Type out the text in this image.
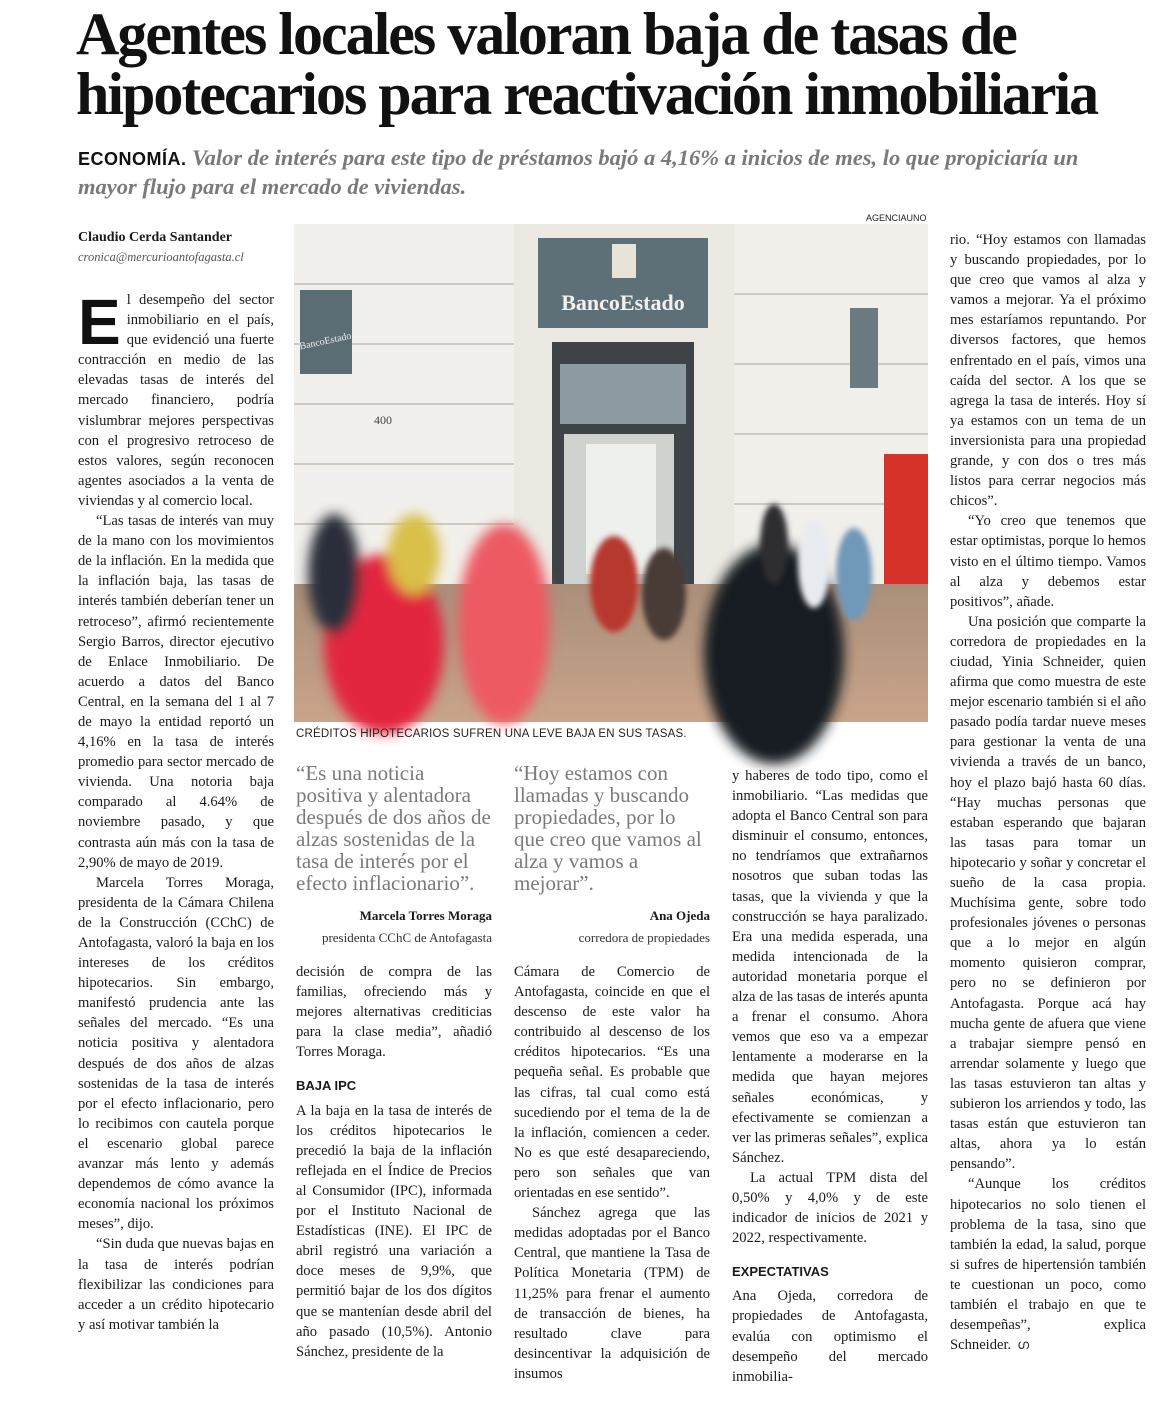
Agentes locales valoran baja de tasas de hipotecarios para reactivación inmobiliaria
ECONOMÍA. Valor de interés para este tipo de préstamos bajó a 4,16% a inicios de mes, lo que propiciaría un mayor flujo para el mercado de viviendas.
Claudio Cerda Santander
cronica@mercurioantofagasta.cl

El desempeño del sector inmobiliario en el país, que evidenció una fuerte contracción en medio de las elevadas tasas de interés del mercado financiero, podría vislumbrar mejores perspectivas con el progresivo retroceso de estos valores, según reconocen agentes asociados a la venta de viviendas y al comercio local.

“Las tasas de interés van muy de la mano con los movimientos de la inflación. En la medida que la inflación baja, las tasas de interés también deberían tener un retroceso”, afirmó recientemente Sergio Barros, director ejecutivo de Enlace Inmobiliario. De acuerdo a datos del Banco Central, en la semana del 1 al 7 de mayo la entidad reportó un 4,16% en la tasa de interés promedio para sector mercado de vivienda. Una notoria baja comparado al 4.64% de noviembre pasado, y que contrasta aún más con la tasa de 2,90% de mayo de 2019.

Marcela Torres Moraga, presidenta de la Cámara Chilena de la Construcción (CChC) de Antofagasta, valoró la baja en los intereses de los créditos hipotecarios. Sin embargo, manifestó prudencia ante las señales del mercado. “Es una noticia positiva y alentadora después de dos años de alzas sostenidas de la tasa de interés por el efecto inflacionario, pero lo recibimos con cautela porque el escenario global parece avanzar más lento y además dependemos de cómo avance la economía nacional los próximos meses”, dijo.

“Sin duda que nuevas bajas en la tasa de interés podrían flexibilizar las condiciones para acceder a un crédito hipotecario y así motivar también la

AGENCIAUNO
BancoEstado
BancoEstado
400
CRÉDITOS HIPOTECARIOS SUFREN UNA LEVE BAJA EN SUS TASAS.
“Es una noticia positiva y alentadora después de dos años de alzas sostenidas de la tasa de interés por el efecto inflacionario”.
Marcela Torres Moraga
presidenta CChC de Antofagasta
“Hoy estamos con llamadas y buscando propiedades, por lo que creo que vamos al alza y vamos a mejorar”.
Ana Ojeda
corredora de propiedades

decisión de compra de las familias, ofreciendo más y mejores alternativas crediticias para la clase media”, añadió Torres Moraga.

BAJA IPC

A la baja en la tasa de interés de los créditos hipotecarios le precedió la baja de la inflación reflejada en el Índice de Precios al Consumidor (IPC), informada por el Instituto Nacional de Estadísticas (INE). El IPC de abril registró una variación a doce meses de 9,9%, que permitió bajar de los dos dígitos que se mantenían desde abril del año pasado (10,5%). Antonio Sánchez, presidente de la

Cámara de Comercio de Antofagasta, coincide en que el descenso de este valor ha contribuido al descenso de los créditos hipotecarios. “Es una pequeña señal. Es probable que las cifras, tal cual como está sucediendo por el tema de la de la inflación, comiencen a ceder. No es que esté desapareciendo, pero son señales que van orientadas en ese sentido”.

Sánchez agrega que las medidas adoptadas por el Banco Central, que mantiene la Tasa de Política Monetaria (TPM) de 11,25% para frenar el aumento de transacción de bienes, ha resultado clave para desincentivar la adquisición de insumos

y haberes de todo tipo, como el inmobiliario. “Las medidas que adopta el Banco Central son para disminuir el consumo, entonces, no tendríamos que extrañarnos nosotros que suban todas las tasas, que la vivienda y que la construcción se haya paralizado. Era una medida esperada, una medida intencionada de la autoridad monetaria porque el alza de las tasas de interés apunta a frenar el consumo. Ahora vemos que eso va a empezar lentamente a moderarse en la medida que hayan mejores señales económicas, y efectivamente se comienzan a ver las primeras señales”, explica Sánchez.

La actual TPM dista del 0,50% y 4,0% y de este indicador de inicios de 2021 y 2022, respectivamente.

EXPECTATIVAS

Ana Ojeda, corredora de propiedades de Antofagasta, evalúa con optimismo el desempeño del mercado inmobilia-

rio. “Hoy estamos con llamadas y buscando propiedades, por lo que creo que vamos al alza y vamos a mejorar. Ya el próximo mes estaríamos repuntando. Por diversos factores, que hemos enfrentado en el país, vimos una caída del sector. A los que se agrega la tasa de interés. Hoy sí ya estamos con un tema de un inversionista para una propiedad grande, y con dos o tres más listos para cerrar negocios más chicos”.

“Yo creo que tenemos que estar optimistas, porque lo hemos visto en el último tiempo. Vamos al alza y debemos estar positivos”, añade.

Una posición que comparte la corredora de propiedades en la ciudad, Yinia Schneider, quien afirma que como muestra de este mejor escenario también si el año pasado podía tardar nueve meses para gestionar la venta de una vivienda a través de un banco, hoy el plazo bajó hasta 60 días. “Hay muchas personas que estaban esperando que bajaran las tasas para tomar un hipotecario y soñar y concretar el sueño de la casa propia. Muchísima gente, sobre todo profesionales jóvenes o personas que a lo mejor en algún momento quisieron comprar, pero no se definieron por Antofagasta. Porque acá hay mucha gente de afuera que viene a trabajar siempre pensó en arrendar solamente y luego que las tasas estuvieron tan altas y subieron los arriendos y todo, las tasas están que estuvieron tan altas, ahora ya lo están pensando”.

“Aunque los créditos hipotecarios no solo tienen el problema de la tasa, sino que también la edad, la salud, porque si sufres de hipertensión también te cuestionan un poco, como también el trabajo en que te desempeñas”, explica Schneider. ഗ
